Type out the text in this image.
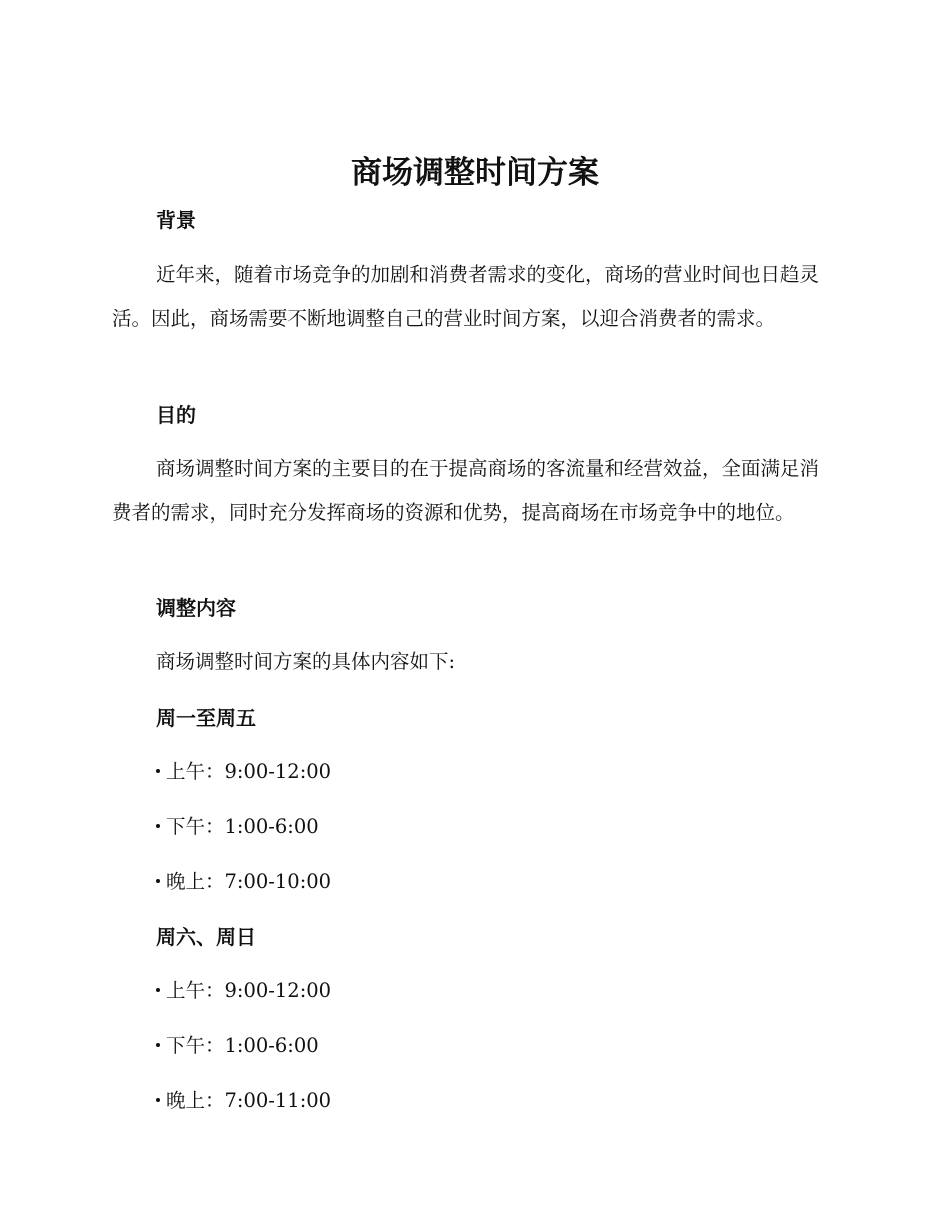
商场调整时间方案
背景

近年来，随着市场竞争的加剧和消费者需求的变化，商场的营业时间也日趋灵活。因此，商场需要不断地调整自己的营业时间方案，以迎合消费者的需求。

目的

商场调整时间方案的主要目的在于提高商场的客流量和经营效益，全面满足消费者的需求，同时充分发挥商场的资源和优势，提高商场在市场竞争中的地位。

调整内容

商场调整时间方案的具体内容如下:

周一至周五

上午：9:00-12:00

下午：1:00-6:00

晚上：7:00-10:00

周六、周日

上午：9:00-12:00

下午：1:00-6:00

晚上：7:00-11:00
